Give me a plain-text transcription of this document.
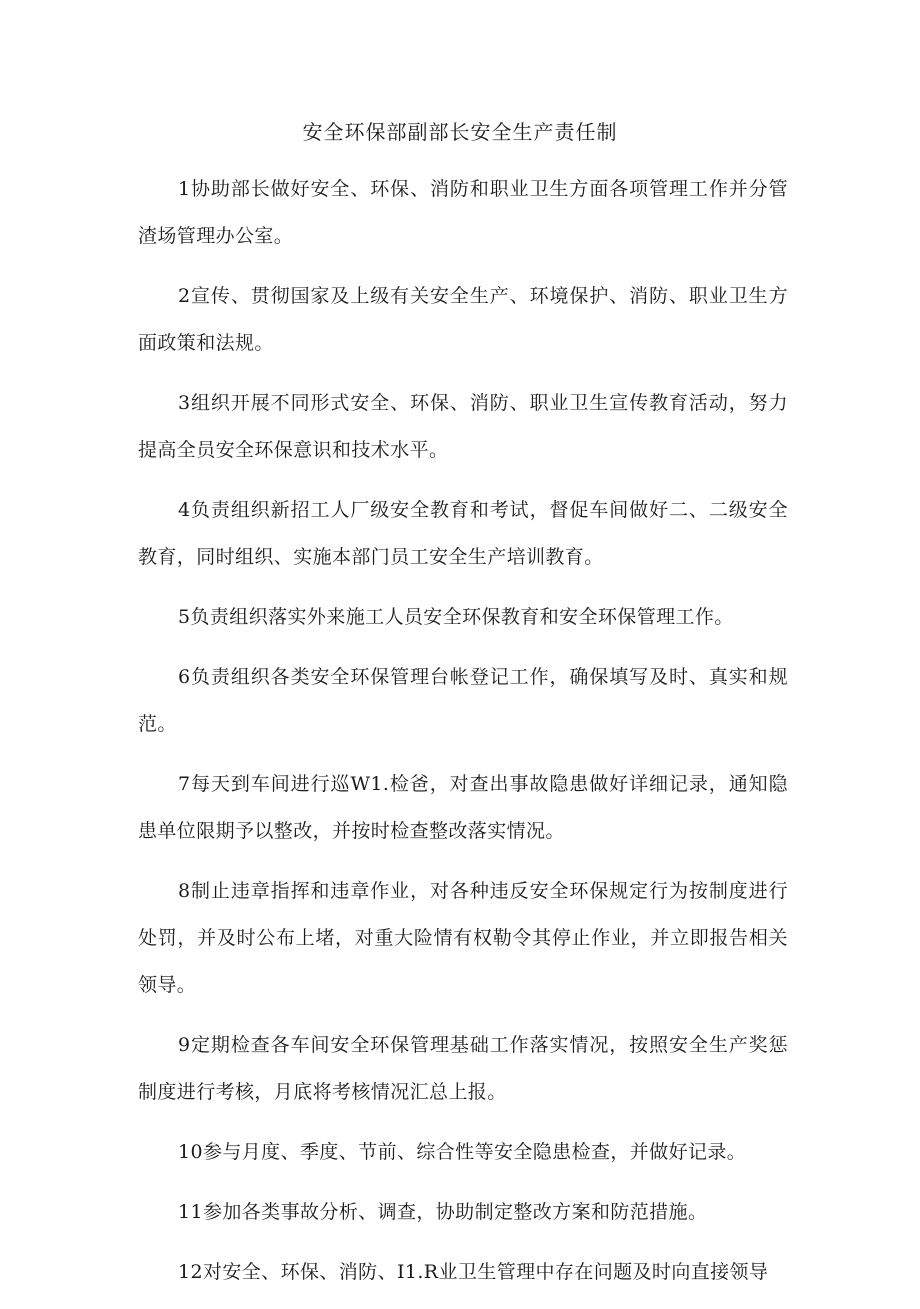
安全环保部副部长安全生产责任制

1协助部长做好安全、环保、消防和职业卫生方面各项管理工作并分管渣场管理办公室。

2宣传、贯彻国家及上级有关安全生产、环境保护、消防、职业卫生方面政策和法规。

3组织开展不同形式安全、环保、消防、职业卫生宣传教育活动，努力提高全员安全环保意识和技术水平。

4负责组织新招工人厂级安全教育和考试，督促车间做好二、二级安全教育，同时组织、实施本部门员工安全生产培训教育。

5负责组织落实外来施工人员安全环保教育和安全环保管理工作。

6负责组织各类安全环保管理台帐登记工作，确保填写及时、真实和规范。

7每天到车间进行巡W1.检爸，对查出事故隐患做好详细记录，通知隐患单位限期予以整改，并按时检查整改落实情况。

8制止违章指挥和违章作业，对各种违反安全环保规定行为按制度进行处罚，并及时公布上堵，对重大险情有权勒令其停止作业，并立即报告相关领导。

9定期检查各车间安全环保管理基础工作落实情况，按照安全生产奖惩制度进行考核，月底将考核情况汇总上报。

10参与月度、季度、节前、综合性等安全隐患检查，并做好记录。

11参加各类事故分析、调查，协助制定整改方案和防范措施。

12对安全、环保、消防、I1.R业卫生管理中存在问题及时向直接领导
